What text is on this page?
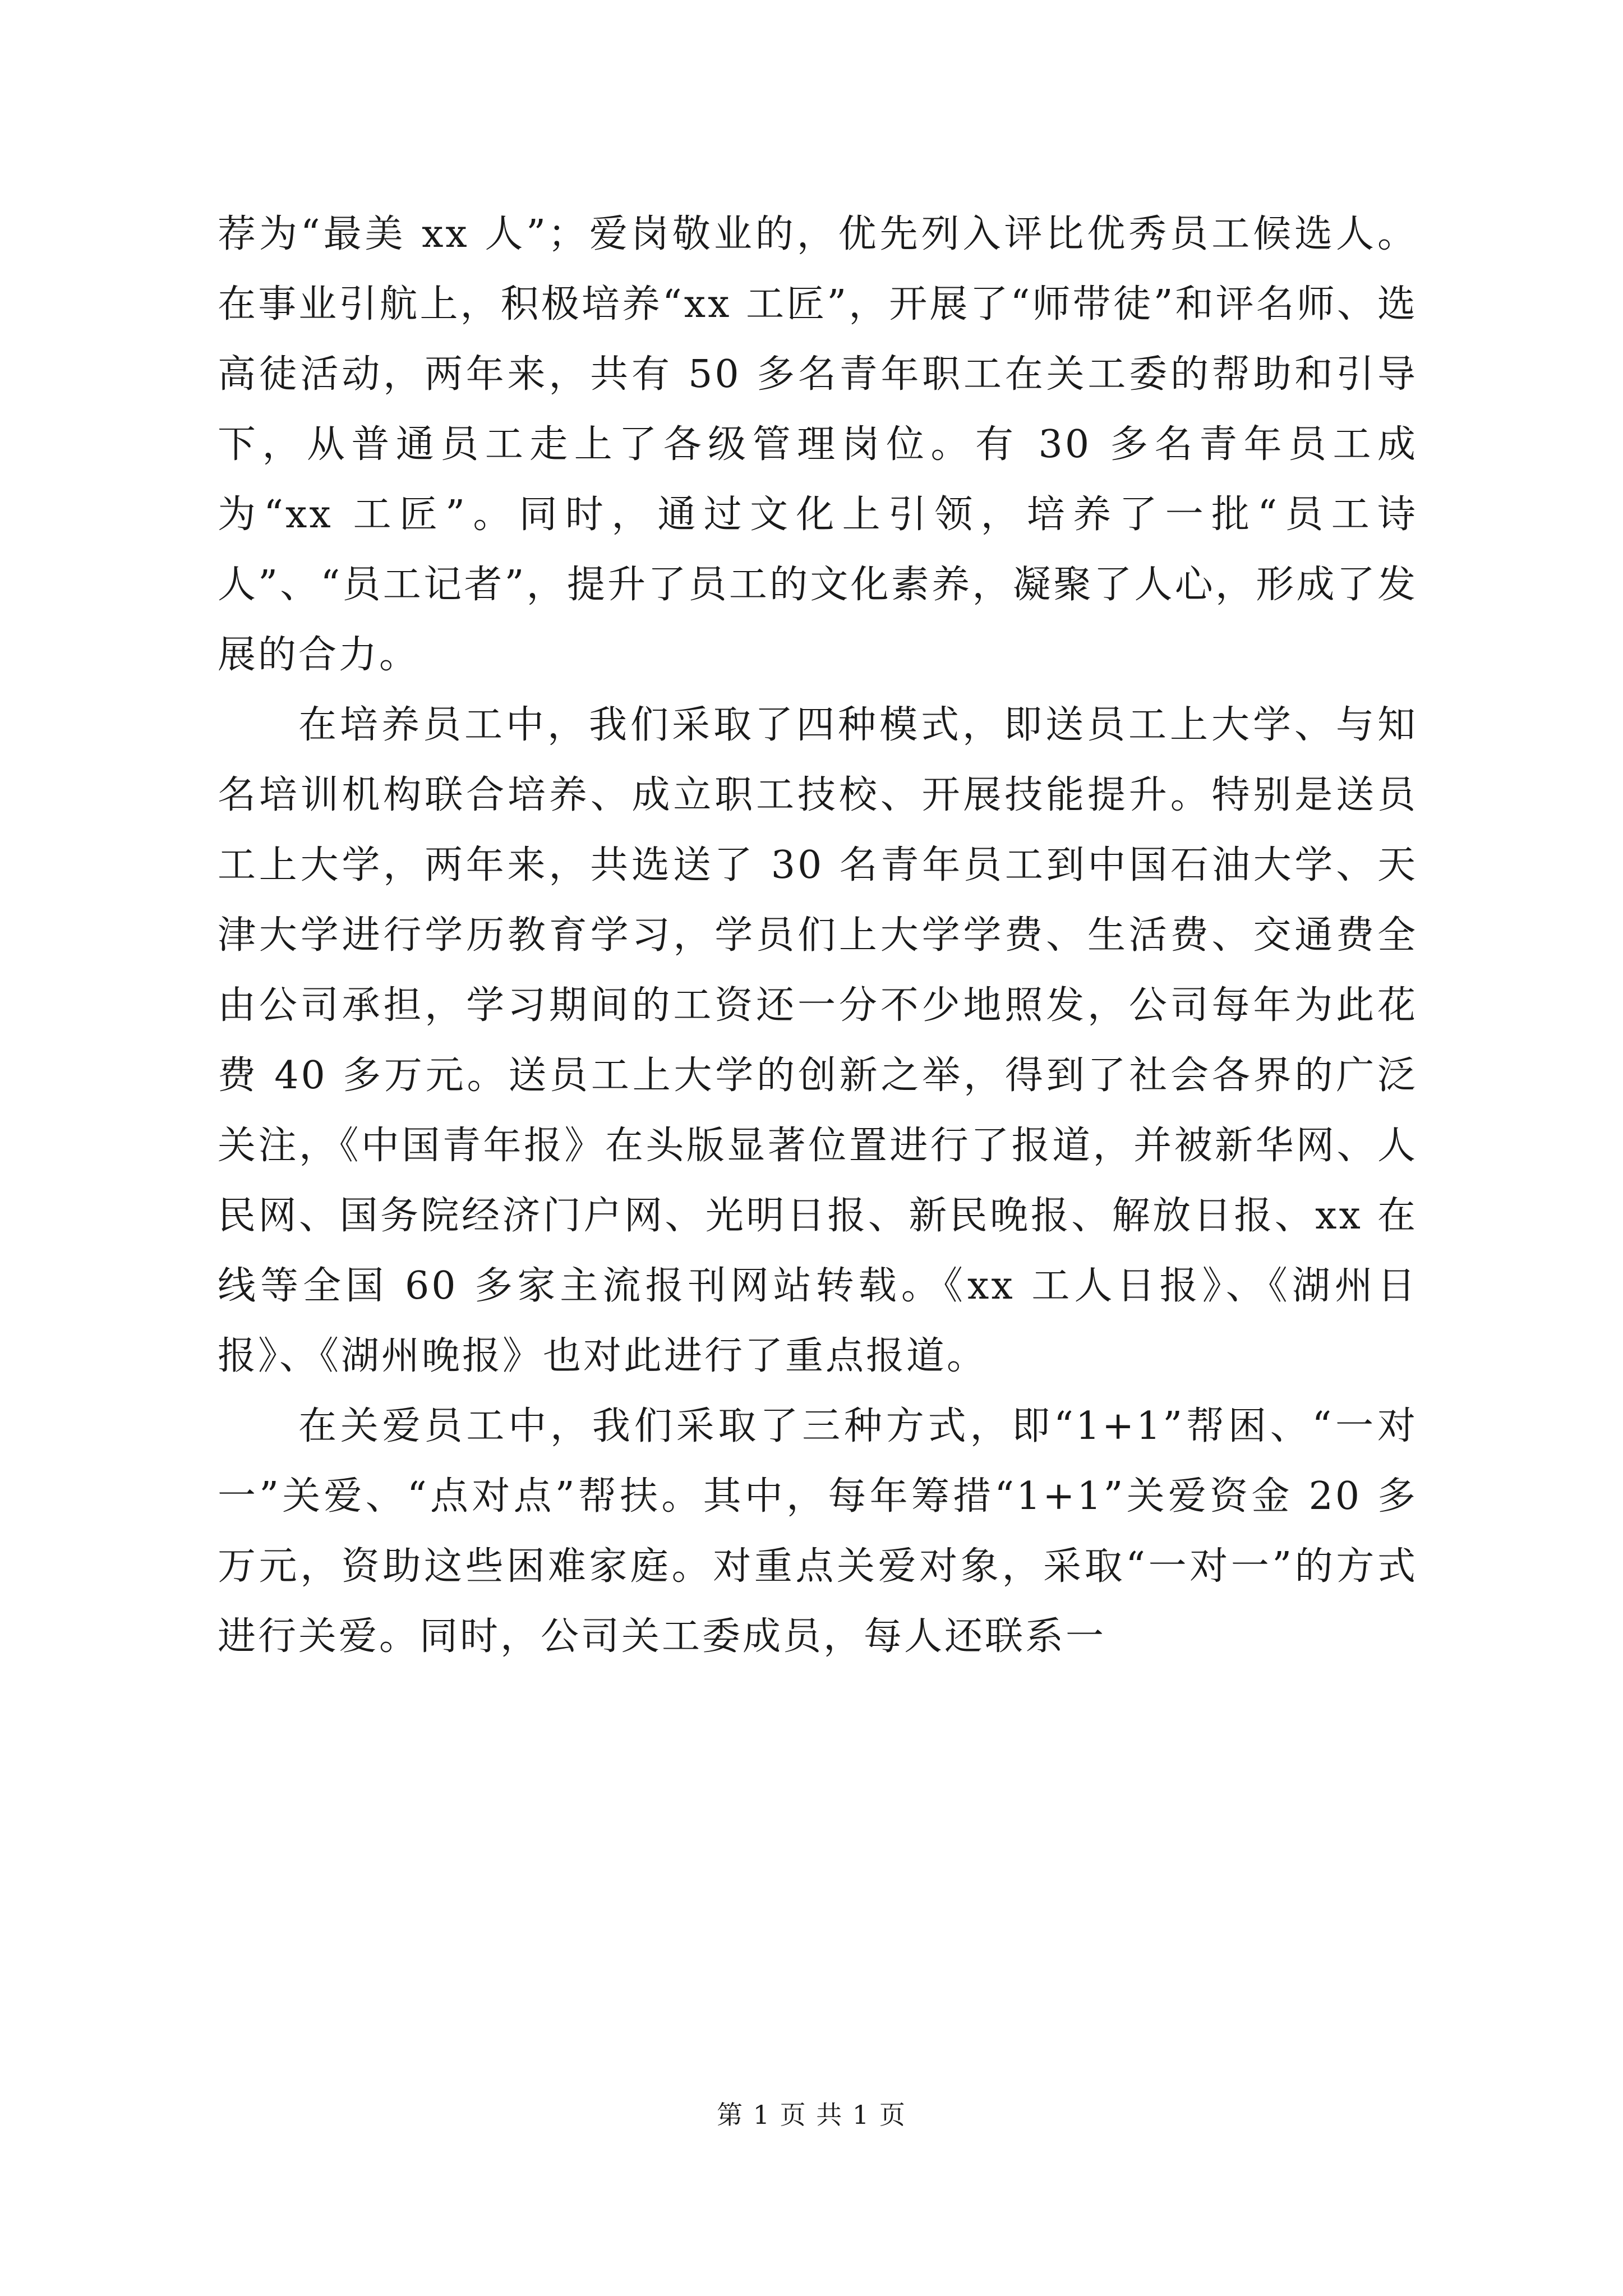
荐为“最美 xx 人”；爱岗敬业的，优先列入评比优秀员工候选人。在事业引航上，积极培养“xx 工匠”，开展了“师带徒”和评名师、选高徒活动，两年来，共有 50 多名青年职工在关工委的帮助和引导下，从普通员工走上了各级管理岗位。有 30 多名青年员工成为“xx 工匠”。同时，通过文化上引领，培养了一批“员工诗人”、“员工记者”，提升了员工的文化素养，凝聚了人心，形成了发展的合力。

在培养员工中，我们采取了四种模式，即送员工上大学、与知名培训机构联合培养、成立职工技校、开展技能提升。特别是送员工上大学，两年来，共选送了 30 名青年员工到中国石油大学、天津大学进行学历教育学习，学员们上大学学费、生活费、交通费全由公司承担，学习期间的工资还一分不少地照发，公司每年为此花费 40 多万元。送员工上大学的创新之举，得到了社会各界的广泛关注，《中国青年报》在头版显著位置进行了报道，并被新华网、人民网、国务院经济门户网、光明日报、新民晚报、解放日报、xx 在线等全国 60 多家主流报刊网站转载。《xx 工人日报》、《湖州日报》、《湖州晚报》也对此进行了重点报道。

在关爱员工中，我们采取了三种方式，即“1+1”帮困、“一对一”关爱、“点对点”帮扶。其中，每年筹措“1+1”关爱资金 20 多万元，资助这些困难家庭。对重点关爱对象，采取“一对一”的方式进行关爱。同时，公司关工委成员，每人还联系一

第 1 页 共 1 页
